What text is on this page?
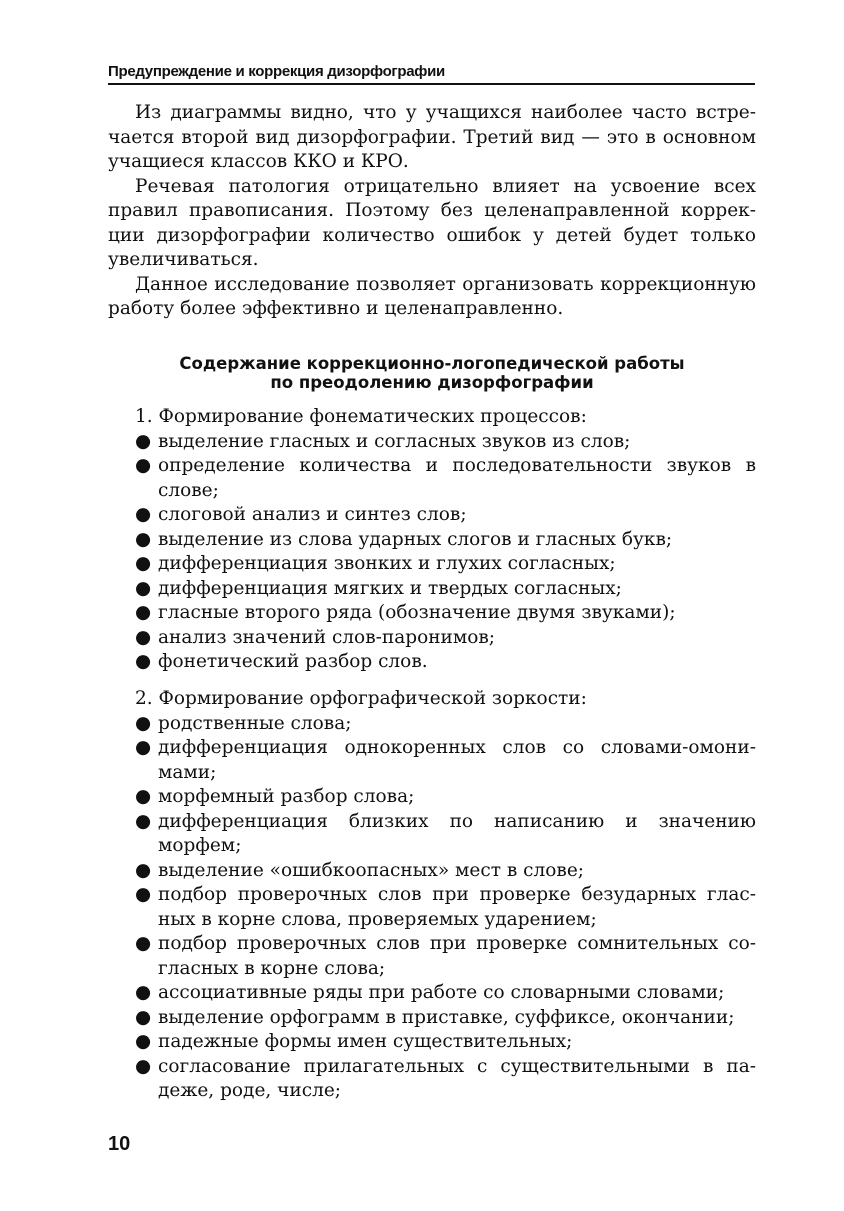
Предупреждение и коррекция дизорфографии

Из диаграммы видно, что у учащихся наиболее часто встречается второй вид дизорфографии. Третий вид — это в основном учащиеся классов ККО и КРО.

Речевая патология отрицательно влияет на усвоение всех правил правописания. Поэтому без целенаправленной коррекции дизорфографии количество ошибок у детей будет только увеличиваться.

Данное исследование позволяет организовать коррекционную работу более эффективно и целенаправленно.

Содержание коррекционно-логопедической работы
по преодолению дизорфографии

1. Формирование фонематических процессов:

● выделение гласных и согласных звуков из слов;
● определение количества и последовательности звуков в слове;
● слоговой анализ и синтез слов;
● выделение из слова ударных слогов и гласных букв;
● дифференциация звонких и глухих согласных;
● дифференциация мягких и твердых согласных;
● гласные второго ряда (обозначение двумя звуками);
● анализ значений слов-паронимов;
● фонетический разбор слов.

2. Формирование орфографической зоркости:

● родственные слова;
● дифференциация однокоренных слов со словами-омонимами;
● морфемный разбор слова;
● дифференциация близких по написанию и значению морфем;
● выделение «ошибкоопасных» мест в слове;
● подбор проверочных слов при проверке безударных гласных в корне слова, проверяемых ударением;
● подбор проверочных слов при проверке сомнительных согласных в корне слова;
● ассоциативные ряды при работе со словарными словами;
● выделение орфограмм в приставке, суффиксе, окончании;
● падежные формы имен существительных;
● согласование прилагательных с существительными в падеже, роде, числе;
10
